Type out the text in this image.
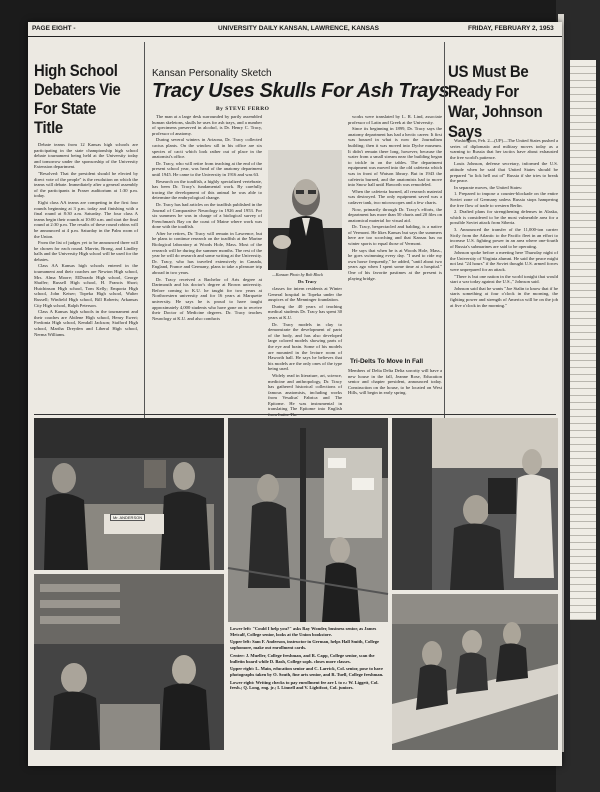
PAGE EIGHT -	UNIVERSITY DAILY KANSAN, LAWRENCE, KANSAS	FRIDAY, FEBRUARY 2, 1953
High School Debaters Vie For State Title

Debate teams from 12 Kansas high schools are participating in the state championship high school debate tournament being held at the University today and tomorrow under the sponsorship of the University Extension department.

"Resolved: That the president should be elected by direct vote of the people" is the resolution on which the teams will debate. Immediately after a general assembly of the participants in Fraser auditorium at 1:30 p.m. today.

Eight class AA teams are competing in the first four rounds beginning at 3 p.m. today and finishing with a final round at 8:30 a.m. Saturday. The four class A teams begin their rounds at 10:00 a.m. and start the final round at 2:30 p.m. The results of these round robins will be announced at 4 p.m. Saturday in the Palm room of the Union.

From the list of judges yet to be announced three will be chosen for each round. Marvin, Brong, and Lindley halls and the University High school will be used for the debates.

Class AA Kansas high schools entered in the tournament and their coaches are Newton High school, Mrs. Alma Moore; ElDorado High school, George Shaffer; Russell High school, H. Francis Short; Hutchinson High school, Tom Kelly; Emporia High school, John Keiser; Topeka High school, Walter Russell; Winfield High school, Bill Roberts; Arkansas City High school, Ralph Peterson.

Class A Kansas high schools in the tournament and their coaches are Abilene High school, Henry Ewert; Fredonia High school, Kendall Jackson; Stafford High school, Martha Dreyden and Liberal High school, Nerma Williams.

Kansan Personality Sketch
Tracy Uses Skulls For Ash Trays
By STEVE FERRO

The man at a large desk surrounded by partly assembled human skeletons, skulls he uses for ash trays, and a number of specimens preserved in alcohol, is Dr. Henry C. Tracy, professor of anatomy.

During several winters in Arizona, Dr. Tracy collected cactus plants. On the window sill in his office are six species of cacti which look rather out of place in the anatomist's office.

Dr. Tracy, who will retire from teaching at the end of the present school year, was head of the anatomy department until 1945. He came to the University in 1916 and was 63.

Research on the toadfish, a highly specialized vertebrate, has been Dr. Tracy's fundamental work. By carefully tracing the development of this animal he was able to determine the embryological change.

Dr. Tracy has had articles on the toadfish published in the Journal of Comparative Neurology in 1926 and 1953. For six summers he was in charge of a biological survey of Frenchman's Bay on the coast of Maine where work was done with the toadfish.

After he retires, Dr. Tracy will remain in Lawrence, but he plans to continue research on the toadfish at the Marine Biological laboratory at Woods Hole, Mass. Most of the research will be during the summer months. The rest of the year he will do research and some writing at the University. Dr. Tracy, who has traveled extensively in Canada, England, France and Germany, plans to take a pleasure trip abroad in two years.

Dr. Tracy received a Bachelor of Arts degree at Dartmouth and his doctor's degree at Brown university. Before coming to K.U. he taught for two years at Northwestern university and for 16 years at Marquette university. He says he is proud to have taught approximately 4,000 students who have gone on to receive their Doctor of Medicine degrees. Dr. Tracy teaches Neurology at K.U. and also conducts

—Kansan Photo by Bob Block
Dr. Tracy

classes for intern residents at Winter General hospital in Topeka under the auspices of the Menninger foundation.

During the 40 years of teaching medical students Dr. Tracy has spent 30 years at K.U.

Dr. Tracy models in clay to demonstrate the development of parts of the body, and has also developed large colored models showing parts of the eye and brain. Some of his models are mounted in the lecture room of Haworth hall. He says he believes that his models are the only ones of the type being used.

Widely read in literature, art, science, medicine and anthropology, Dr. Tracy has gathered historical collections of famous anatomists, including works from Vesalius' Fabrica and The Epitome. He was instrumental in translating The Epitome into English

works were translated by L. R. Lind, associate professor of Latin and Greek at the University.

Since its beginning in 1899, Dr. Tracy says the anatomy department has had a hectic career. It first was housed in what is now the Journalism building; then it was moved into Dyche museum. It didn't remain there long, however, because the water from a small stream near the building began to trickle in on the tables. The department equipment was moved into the old cafeteria which was in front of Watson library. But in 1943 the cafeteria burned, and the anatomists had to move into Snow hall until Haworth was remodeled.

When the cafeteria burned, all research material was destroyed. The only equipment saved was a cadaver tank, two microscopes and a few charts.

Now, primarily through Dr. Tracy's efforts, the department has more than 50 charts and 20 files on anatomical material for visual aid.

Dr. Tracy, bespectacled and balding, is a native of Vermont. He likes Kansas but says the summers here are too scorching and that Kansas has no winter sports to equal those of Vermont.

He says that when he is at Woods Hole, Mass., he goes swimming every day. "I used to ride my own horse frequently," he added, "until about two years ago when I spent some time at a hospital." One of his favorite pastimes at the present is playing bridge.

Tri-Delts To Move In Fall
Members of Delta Delta Delta sorority will have a new house in the fall, Jeanne Rose, Education senior and chapter president, announced today. Construction on the house, to be located on West Hills, will begin in early spring.
US Must Be Ready For War, Johnson Says

Washington, Feb. 2—(UP)—The United States pushed a series of diplomatic and military moves today as a warning to Russia that her tactics have about exhausted the free world's patience.

Louis Johnson, defense secretary, informed the U.S. attitude when he said that United States should be prepared "to lick hell out of" Russia if she tries to break the peace.

In separate moves, the United States:

1. Prepared to impose a counter-blockade on the entire Soviet zone of Germany unless Russia stops hampering the free flow of trade to western Berlin.

2. Drafted plans for strengthening defenses in Alaska, which is considered to be the most vulnerable area for a possible Soviet attack from Siberia.

3. Announced the transfer of the 11,000-ton carrier Sicily from the Atlantic to the Pacific fleet in an effort to increase U.S. fighting power in an area where one-fourth of Russia's submarines are said to be operating.

Johnson spoke before a meeting here Thursday night of the University of Virginia alumni. He said the peace might not last "24 hours" if the Soviet thought U.S. armed forces were unprepared for an attack.

"There is but one nation in the world tonight that would start a war today against the U.S.," Johnson said.

Johnson said that he wants "Joe Stalin to know that if he starts something at four o'clock in the morning, the fighting power and strength of America will be on the job at five o'clock in the morning."

Mr. ANDERSON

Lower left: "Could I help you?" asks Ray Wonder, business senior, as James Metcalf, College senior, looks at the Union bookstore.

Upper left: Sam F. Anderson, instructor in German, helps Hall Smith, College sophomore, make out enrollment cards.

Center: J. Mueller, College freshman, and R. Capp, College senior, scan the bulletin board while D. Bash, College soph. closes more classes.

Upper right: L. Main, education senior and C. Larrick, Col. senior, pose to have photographs taken by O. South, fine arts senior, and R. Tuell, College freshman.

Lower right: Writing checks to pay enrollment fee are l. to r.: W. Liggett, Col. fresh.; Q. Long, eng. jr.; I. Linnell and V. Lightfoot, Col. juniors.
